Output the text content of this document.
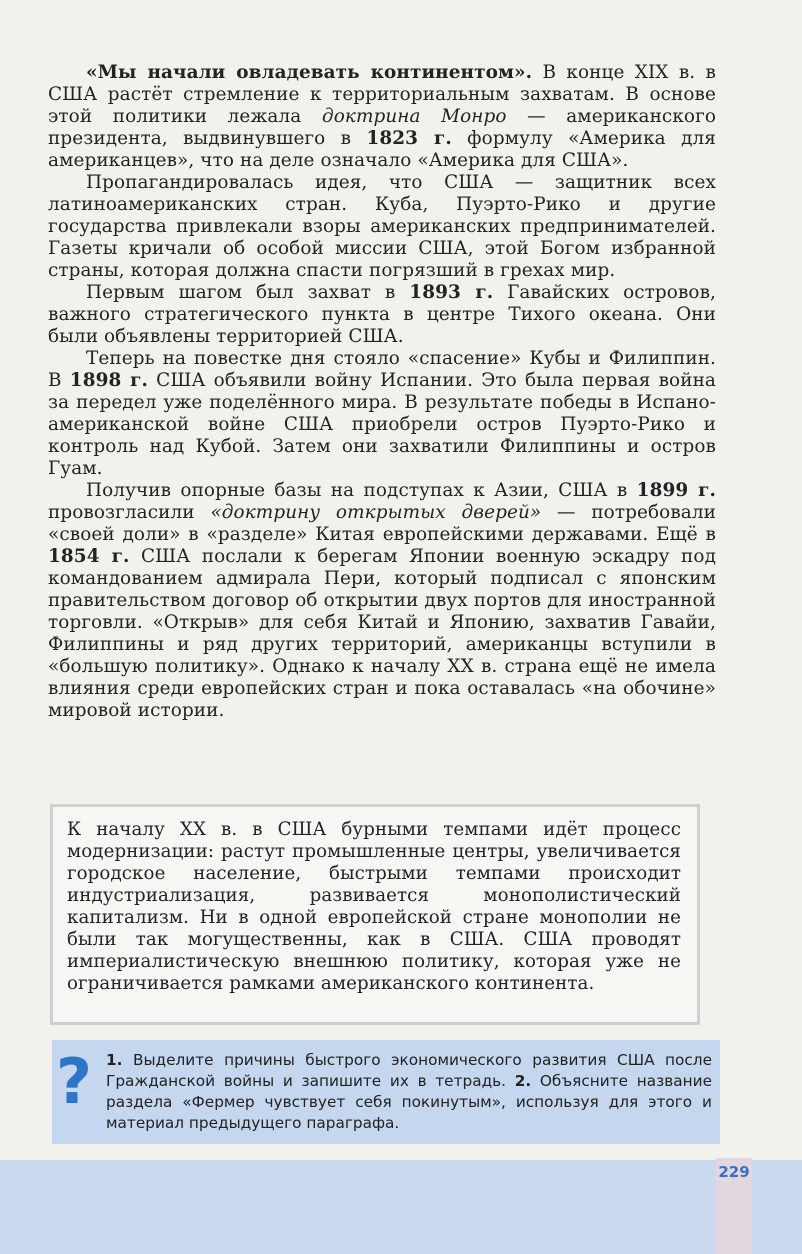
«Мы начали овладевать континентом». В конце XIX в. в США растёт стремление к территориальным захватам. В основе этой политики лежала доктрина Монро — американского президента, выдвинувшего в 1823 г. формулу «Америка для американцев», что на деле означало «Америка для США».

Пропагандировалась идея, что США — защитник всех латиноамериканских стран. Куба, Пуэрто-Рико и другие государства привлекали взоры американских предпринимателей. Газеты кричали об особой миссии США, этой Богом избранной страны, которая должна спасти погрязший в грехах мир.

Первым шагом был захват в 1893 г. Гавайских островов, важного стратегического пункта в центре Тихого океана. Они были объявлены территорией США.

Теперь на повестке дня стояло «спасение» Кубы и Филиппин. В 1898 г. США объявили войну Испании. Это была первая война за передел уже поделённого мира. В результате победы в Испано-американской войне США приобрели остров Пуэрто-Рико и контроль над Кубой. Затем они захватили Филиппины и остров Гуам.

Получив опорные базы на подступах к Азии, США в 1899 г. провозгласили «доктрину открытых дверей» — потребовали «своей доли» в «разделе» Китая европейскими державами. Ещё в 1854 г. США послали к берегам Японии военную эскадру под командованием адмирала Пери, который подписал с японским правительством договор об открытии двух портов для иностранной торговли. «Открыв» для себя Китай и Японию, захватив Гавайи, Филиппины и ряд других территорий, американцы вступили в «большую политику». Однако к началу XX в. страна ещё не имела влияния среди европейских стран и пока оставалась «на обочине» мировой истории.

К началу XX в. в США бурными темпами идёт процесс модернизации: растут промышленные центры, увеличивается городское население, быстрыми темпами происходит индустриализация, развивается монополистический капитализм. Ни в одной европейской стране монополии не были так могущественны, как в США. США проводят империалистическую внешнюю политику, которая уже не ограничивается рамками американского континента.

? 1. Выделите причины быстрого экономического развития США после Гражданской войны и запишите их в тетрадь. 2. Объясните название раздела «Фермер чувствует себя покинутым», используя для этого и материал предыдущего параграфа.
229
